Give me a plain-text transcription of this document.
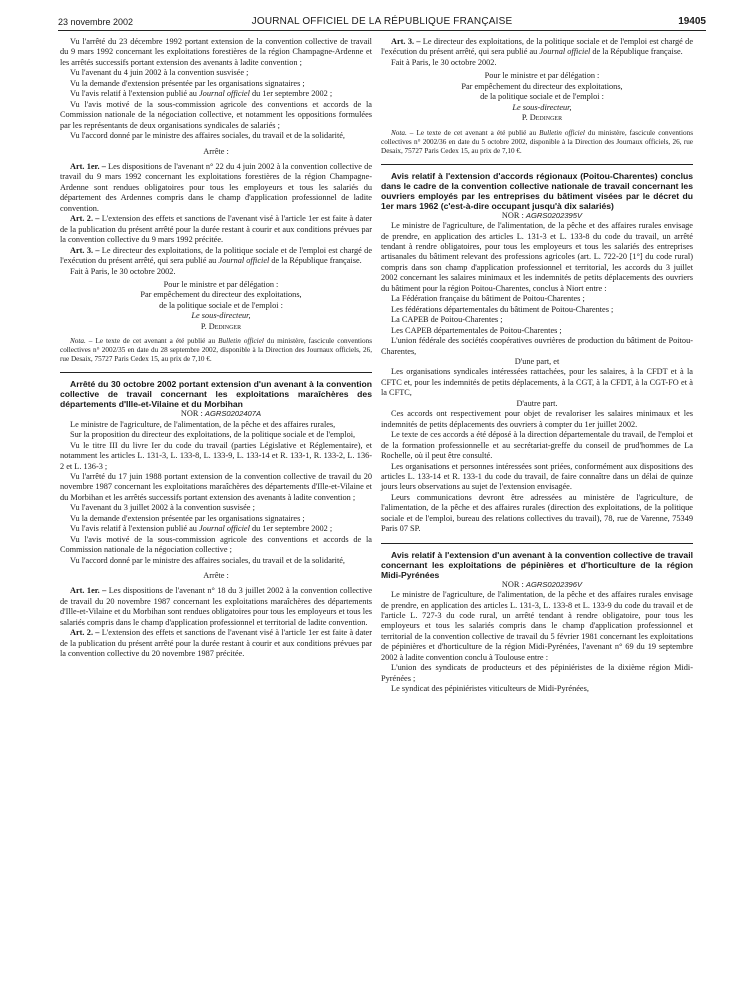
23 novembre 2002	JOURNAL OFFICIEL DE LA RÉPUBLIQUE FRANÇAISE	19405

Vu l'arrêté du 23 décembre 1992 portant extension de la convention collective de travail du 9 mars 1992 concernant les exploitations forestières de la région Champagne-Ardenne et les arrêtés successifs portant extension des avenants à ladite convention ;

Vu l'avenant du 4 juin 2002 à la convention susvisée ;

Vu la demande d'extension présentée par les organisations signataires ;

Vu l'avis relatif à l'extension publié au Journal officiel du 1er septembre 2002 ;

Vu l'avis motivé de la sous-commission agricole des conventions et accords de la Commission nationale de la négociation collective, et notamment les oppositions formulées par les représentants de deux organisations syndicales de salariés ;

Vu l'accord donné par le ministre des affaires sociales, du travail et de la solidarité,

Arrête :

Art. 1er. – Les dispositions de l'avenant n° 22 du 4 juin 2002 à la convention collective de travail du 9 mars 1992 concernant les exploitations forestières de la région Champagne-Ardenne sont rendues obligatoires pour tous les employeurs et tous les salariés du département des Ardennes compris dans le champ d'application professionnel de ladite convention.

Art. 2. – L'extension des effets et sanctions de l'avenant visé à l'article 1er est faite à dater de la publication du présent arrêté pour la durée restant à courir et aux conditions prévues par la convention collective du 9 mars 1992 précitée.

Art. 3. – Le directeur des exploitations, de la politique sociale et de l'emploi est chargé de l'exécution du présent arrêté, qui sera publié au Journal officiel de la République française.

Fait à Paris, le 30 octobre 2002.

Pour le ministre et par délégation :

Par empêchement du directeur des exploitations,

de la politique sociale et de l'emploi :

Le sous-directeur,

P. Dedinger

Nota. – Le texte de cet avenant a été publié au Bulletin officiel du ministère, fascicule conventions collectives n° 2002/35 en date du 28 septembre 2002, disponible à la Direction des Journaux officiels, 26, rue Desaix, 75727 Paris Cedex 15, au prix de 7,10 €.

Arrêté du 30 octobre 2002 portant extension d'un avenant à la convention collective de travail concernant les exploitations maraîchères des départements d'Ille-et-Vilaine et du Morbihan

NOR : AGRS0202407A

Le ministre de l'agriculture, de l'alimentation, de la pêche et des affaires rurales,

Sur la proposition du directeur des exploitations, de la politique sociale et de l'emploi,

Vu le titre III du livre Ier du code du travail (parties Législative et Réglementaire), et notamment les articles L. 131-3, L. 133-8, L. 133-9, L. 133-14 et R. 133-1, R. 133-2, L. 136-2 et L. 136-3 ;

Vu l'arrêté du 17 juin 1988 portant extension de la convention collective de travail du 20 novembre 1987 concernant les exploitations maraîchères des départements d'Ille-et-Vilaine et du Morbihan et les arrêtés successifs portant extension des avenants à ladite convention ;

Vu l'avenant du 3 juillet 2002 à la convention susvisée ;

Vu la demande d'extension présentée par les organisations signataires ;

Vu l'avis relatif à l'extension publié au Journal officiel du 1er septembre 2002 ;

Vu l'avis motivé de la sous-commission agricole des conventions et accords de la Commission nationale de la négociation collective ;

Vu l'accord donné par le ministre des affaires sociales, du travail et de la solidarité,

Arrête :

Art. 1er. – Les dispositions de l'avenant n° 18 du 3 juillet 2002 à la convention collective de travail du 20 novembre 1987 concernant les exploitations maraîchères des départements d'Ille-et-Vilaine et du Morbihan sont rendues obligatoires pour tous les employeurs et tous les salariés compris dans le champ d'application professionnel et territorial de ladite convention.

Art. 2. – L'extension des effets et sanctions de l'avenant visé à l'article 1er est faite à dater de la publication du présent arrêté pour la durée restant à courir et aux conditions prévues par la convention collective du 20 novembre 1987 précitée.

Art. 3. – Le directeur des exploitations, de la politique sociale et de l'emploi est chargé de l'exécution du présent arrêté, qui sera publié au Journal officiel de la République française.

Fait à Paris, le 30 octobre 2002.

Pour le ministre et par délégation :

Par empêchement du directeur des exploitations,

de la politique sociale et de l'emploi :

Le sous-directeur,

P. Dedinger

Nota. – Le texte de cet avenant a été publié au Bulletin officiel du ministère, fascicule conventions collectives n° 2002/36 en date du 5 octobre 2002, disponible à la Direction des Journaux officiels, 26, rue Desaix, 75727 Paris Cedex 15, au prix de 7,10 €.

Avis relatif à l'extension d'accords régionaux (Poitou-Charentes) conclus dans le cadre de la convention collective nationale de travail concernant les ouvriers employés par les entreprises du bâtiment visées par le décret du 1er mars 1962 (c'est-à-dire occupant jusqu'à dix salariés)

NOR : AGRS0202395V

Le ministre de l'agriculture, de l'alimentation, de la pêche et des affaires rurales envisage de prendre, en application des articles L. 131-3 et L. 133-8 du code du travail, un arrêté tendant à rendre obligatoires, pour tous les employeurs et tous les salariés des entreprises artisanales du bâtiment relevant des professions agricoles (art. L. 722-20 [1°] du code rural) compris dans son champ d'application professionnel et territorial, les accords du 3 juillet 2002 concernant les salaires minimaux et les indemnités de petits déplacements des ouvriers du bâtiment pour la région Poitou-Charentes, conclus à Niort entre :

La Fédération française du bâtiment de Poitou-Charentes ;

Les fédérations départementales du bâtiment de Poitou-Charentes ;

La CAPEB de Poitou-Charentes ;

Les CAPEB départementales de Poitou-Charentes ;

L'union fédérale des sociétés coopératives ouvrières de production du bâtiment de Poitou-Charentes,

D'une part, et

Les organisations syndicales intéressées rattachées, pour les salaires, à la CFDT et à la CFTC et, pour les indemnités de petits déplacements, à la CGT, à la CFDT, à la CGT-FO et à la CFTC,

D'autre part.

Ces accords ont respectivement pour objet de revaloriser les salaires minimaux et les indemnités de petits déplacements des ouvriers à compter du 1er juillet 2002.

Le texte de ces accords a été déposé à la direction départementale du travail, de l'emploi et de la formation professionnelle et au secrétariat-greffe du conseil de prud'hommes de La Rochelle, où il peut être consulté.

Les organisations et personnes intéressées sont priées, conformément aux dispositions des articles L. 133-14 et R. 133-1 du code du travail, de faire connaître dans un délai de quinze jours leurs observations au sujet de l'extension envisagée.

Leurs communications devront être adressées au ministère de l'agriculture, de l'alimentation, de la pêche et des affaires rurales (direction des exploitations, de la politique sociale et de l'emploi, bureau des relations collectives du travail), 78, rue de Varenne, 75349 Paris 07 SP.

Avis relatif à l'extension d'un avenant à la convention collective de travail concernant les exploitations de pépinières et d'horticulture de la région Midi-Pyrénées

NOR : AGRS0202396V

Le ministre de l'agriculture, de l'alimentation, de la pêche et des affaires rurales envisage de prendre, en application des articles L. 131-3, L. 133-8 et L. 133-9 du code du travail et de l'article L. 727-3 du code rural, un arrêté tendant à rendre obligatoire, pour tous les employeurs et tous les salariés compris dans le champ d'application professionnel et territorial de la convention collective de travail du 5 février 1981 concernant les exploitations de pépinières et d'horticulture de la région Midi-Pyrénées, l'avenant n° 69 du 19 septembre 2002 à ladite convention conclu à Toulouse entre :

L'union des syndicats de producteurs et des pépiniéristes de la dixième région Midi-Pyrénées ;

Le syndicat des pépiniéristes viticulteurs de Midi-Pyrénées,
